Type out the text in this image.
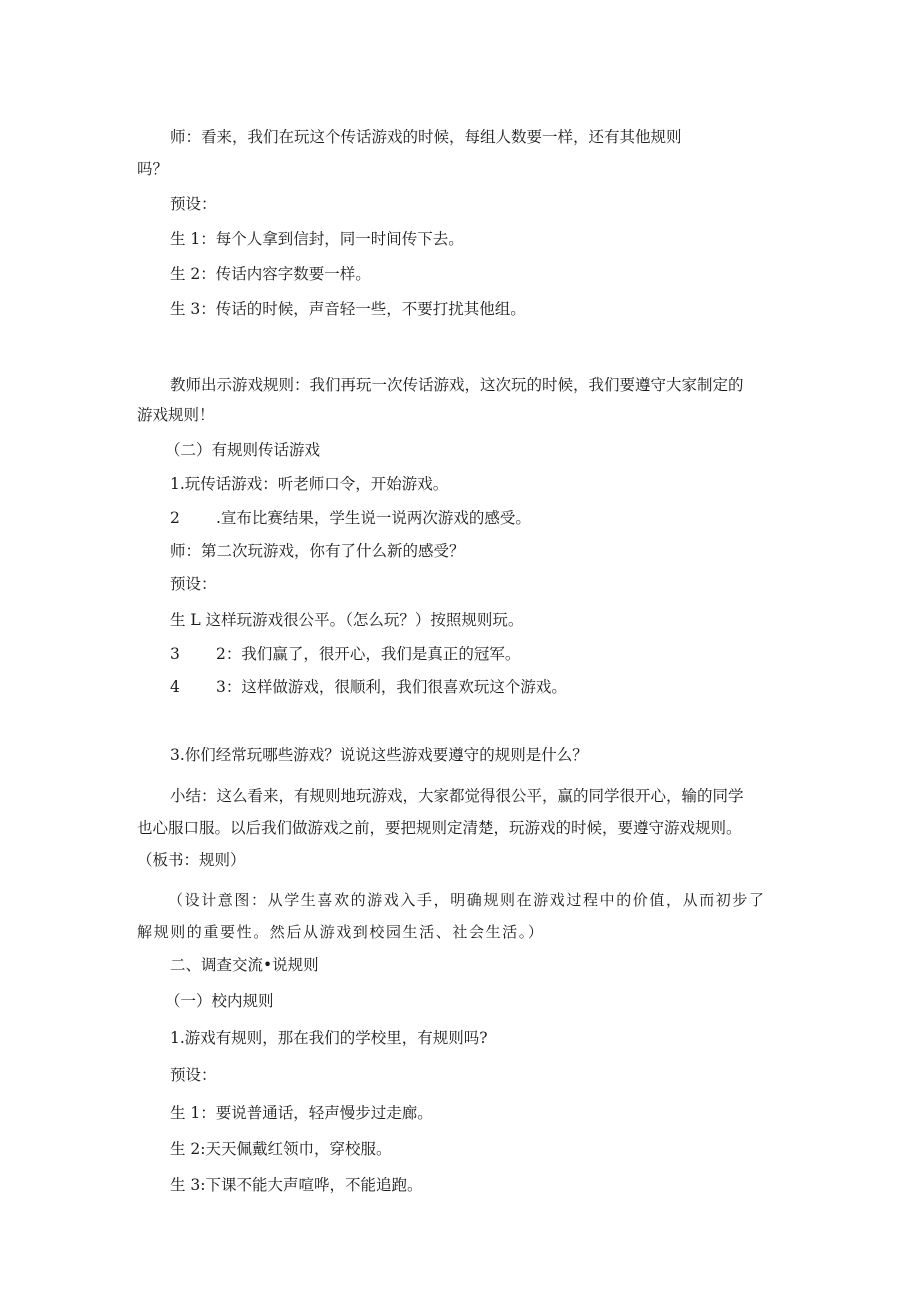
师：看来，我们在玩这个传话游戏的时候，每组人数要一样，还有其他规则

吗？

预设：

生 1：每个人拿到信封，同一时间传下去。

生 2：传话内容字数要一样。

生 3：传话的时候，声音轻一些，不要打扰其他组。

教师出示游戏规则：我们再玩一次传话游戏，这次玩的时候，我们要遵守大家制定的

游戏规则！

（二）有规则传话游戏

1.玩传话游戏：听老师口令，开始游戏。

2 .宣布比赛结果，学生说一说两次游戏的感受。

师：第二次玩游戏，你有了什么新的感受？

预设：

生 L 这样玩游戏很公平。（怎么玩？）按照规则玩。

3 2：我们赢了，很开心，我们是真正的冠军。

4 3：这样做游戏，很顺利，我们很喜欢玩这个游戏。

3.你们经常玩哪些游戏？说说这些游戏要遵守的规则是什么？

小结：这么看来，有规则地玩游戏，大家都觉得很公平，赢的同学很开心，输的同学

也心服口服。以后我们做游戏之前，要把规则定清楚，玩游戏的时候，要遵守游戏规则。

（板书：规则）

（设计意图：从学生喜欢的游戏入手，明确规则在游戏过程中的价值，从而初步了

解规则的重要性。然后从游戏到校园生活、社会生活。）

二、调查交流•说规则

（一）校内规则

1.游戏有规则，那在我们的学校里，有规则吗?

预设：

生 1：要说普通话，轻声慢步过走廊。

生 2:天天佩戴红领巾，穿校服。

生 3:下课不能大声喧哗，不能追跑。
